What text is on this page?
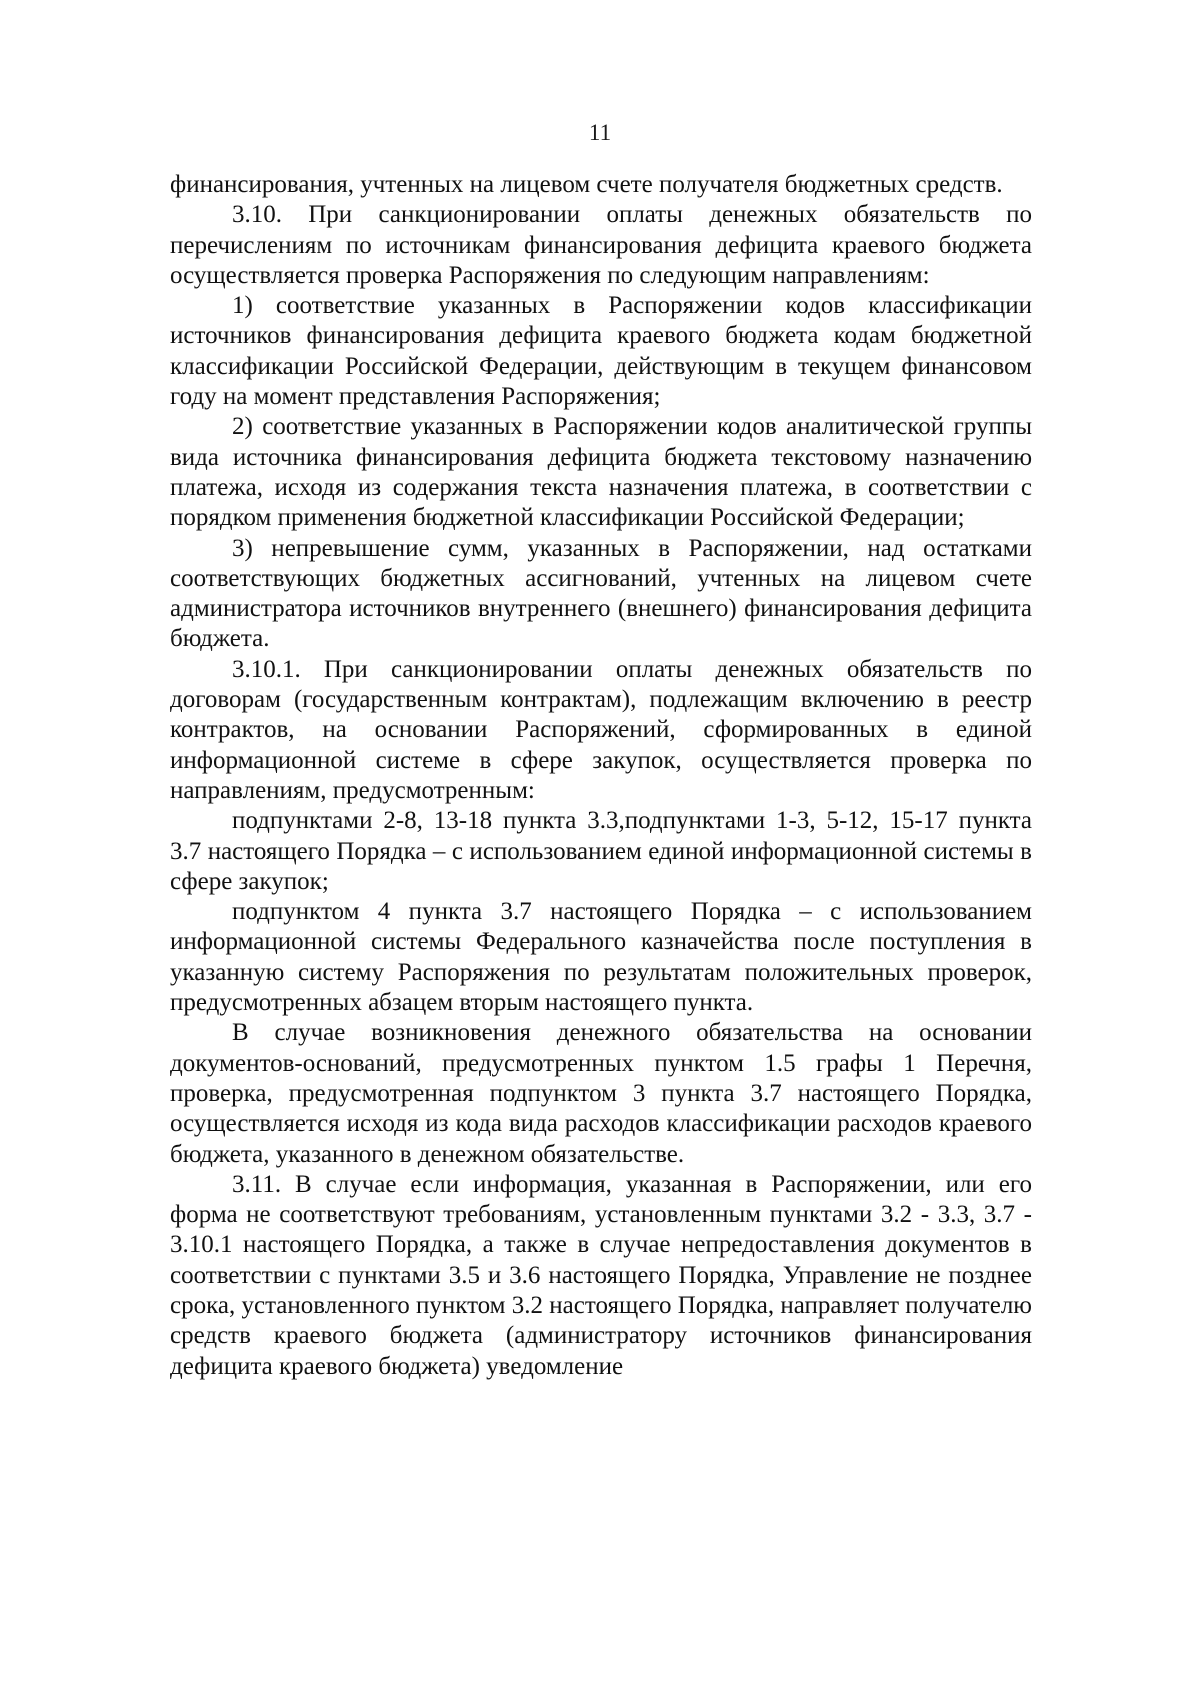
11

финансирования, учтенных на лицевом счете получателя бюджетных средств.

3.10. При санкционировании оплаты денежных обязательств по перечислениям по источникам финансирования дефицита краевого бюджета осуществляется проверка Распоряжения по следующим направлениям:

1) соответствие указанных в Распоряжении кодов классификации источников финансирования дефицита краевого бюджета кодам бюджетной классификации Российской Федерации, действующим в текущем финансовом году на момент представления Распоряжения;

2) соответствие указанных в Распоряжении кодов аналитической группы вида источника финансирования дефицита бюджета текстовому назначению платежа, исходя из содержания текста назначения платежа, в соответствии с порядком применения бюджетной классификации Российской Федерации;

3) непревышение сумм, указанных в Распоряжении, над остатками соответствующих бюджетных ассигнований, учтенных на лицевом счете администратора источников внутреннего (внешнего) финансирования дефицита бюджета.

3.10.1. При санкционировании оплаты денежных обязательств по договорам (государственным контрактам), подлежащим включению в реестр контрактов, на основании Распоряжений, сформированных в единой информационной системе в сфере закупок, осуществляется проверка по направлениям, предусмотренным:

подпунктами 2-8, 13-18 пункта 3.3,подпунктами 1-3, 5-12, 15-17 пункта 3.7 настоящего Порядка – с использованием единой информационной системы в сфере закупок;

подпунктом 4 пункта 3.7 настоящего Порядка – с использованием информационной системы Федерального казначейства после поступления в указанную систему Распоряжения по результатам положительных проверок, предусмотренных абзацем вторым настоящего пункта.

В случае возникновения денежного обязательства на основании документов-оснований, предусмотренных пунктом 1.5 графы 1 Перечня, проверка, предусмотренная подпунктом 3 пункта 3.7 настоящего Порядка, осуществляется исходя из кода вида расходов классификации расходов краевого бюджета, указанного в денежном обязательстве.

3.11. В случае если информация, указанная в Распоряжении, или его форма не соответствуют требованиям, установленным пунктами 3.2 - 3.3, 3.7 - 3.10.1 настоящего Порядка, а также в случае непредоставления документов в соответствии с пунктами 3.5 и 3.6 настоящего Порядка, Управление не позднее срока, установленного пунктом 3.2 настоящего Порядка, направляет получателю средств краевого бюджета (администратору источников финансирования дефицита краевого бюджета) уведомление
